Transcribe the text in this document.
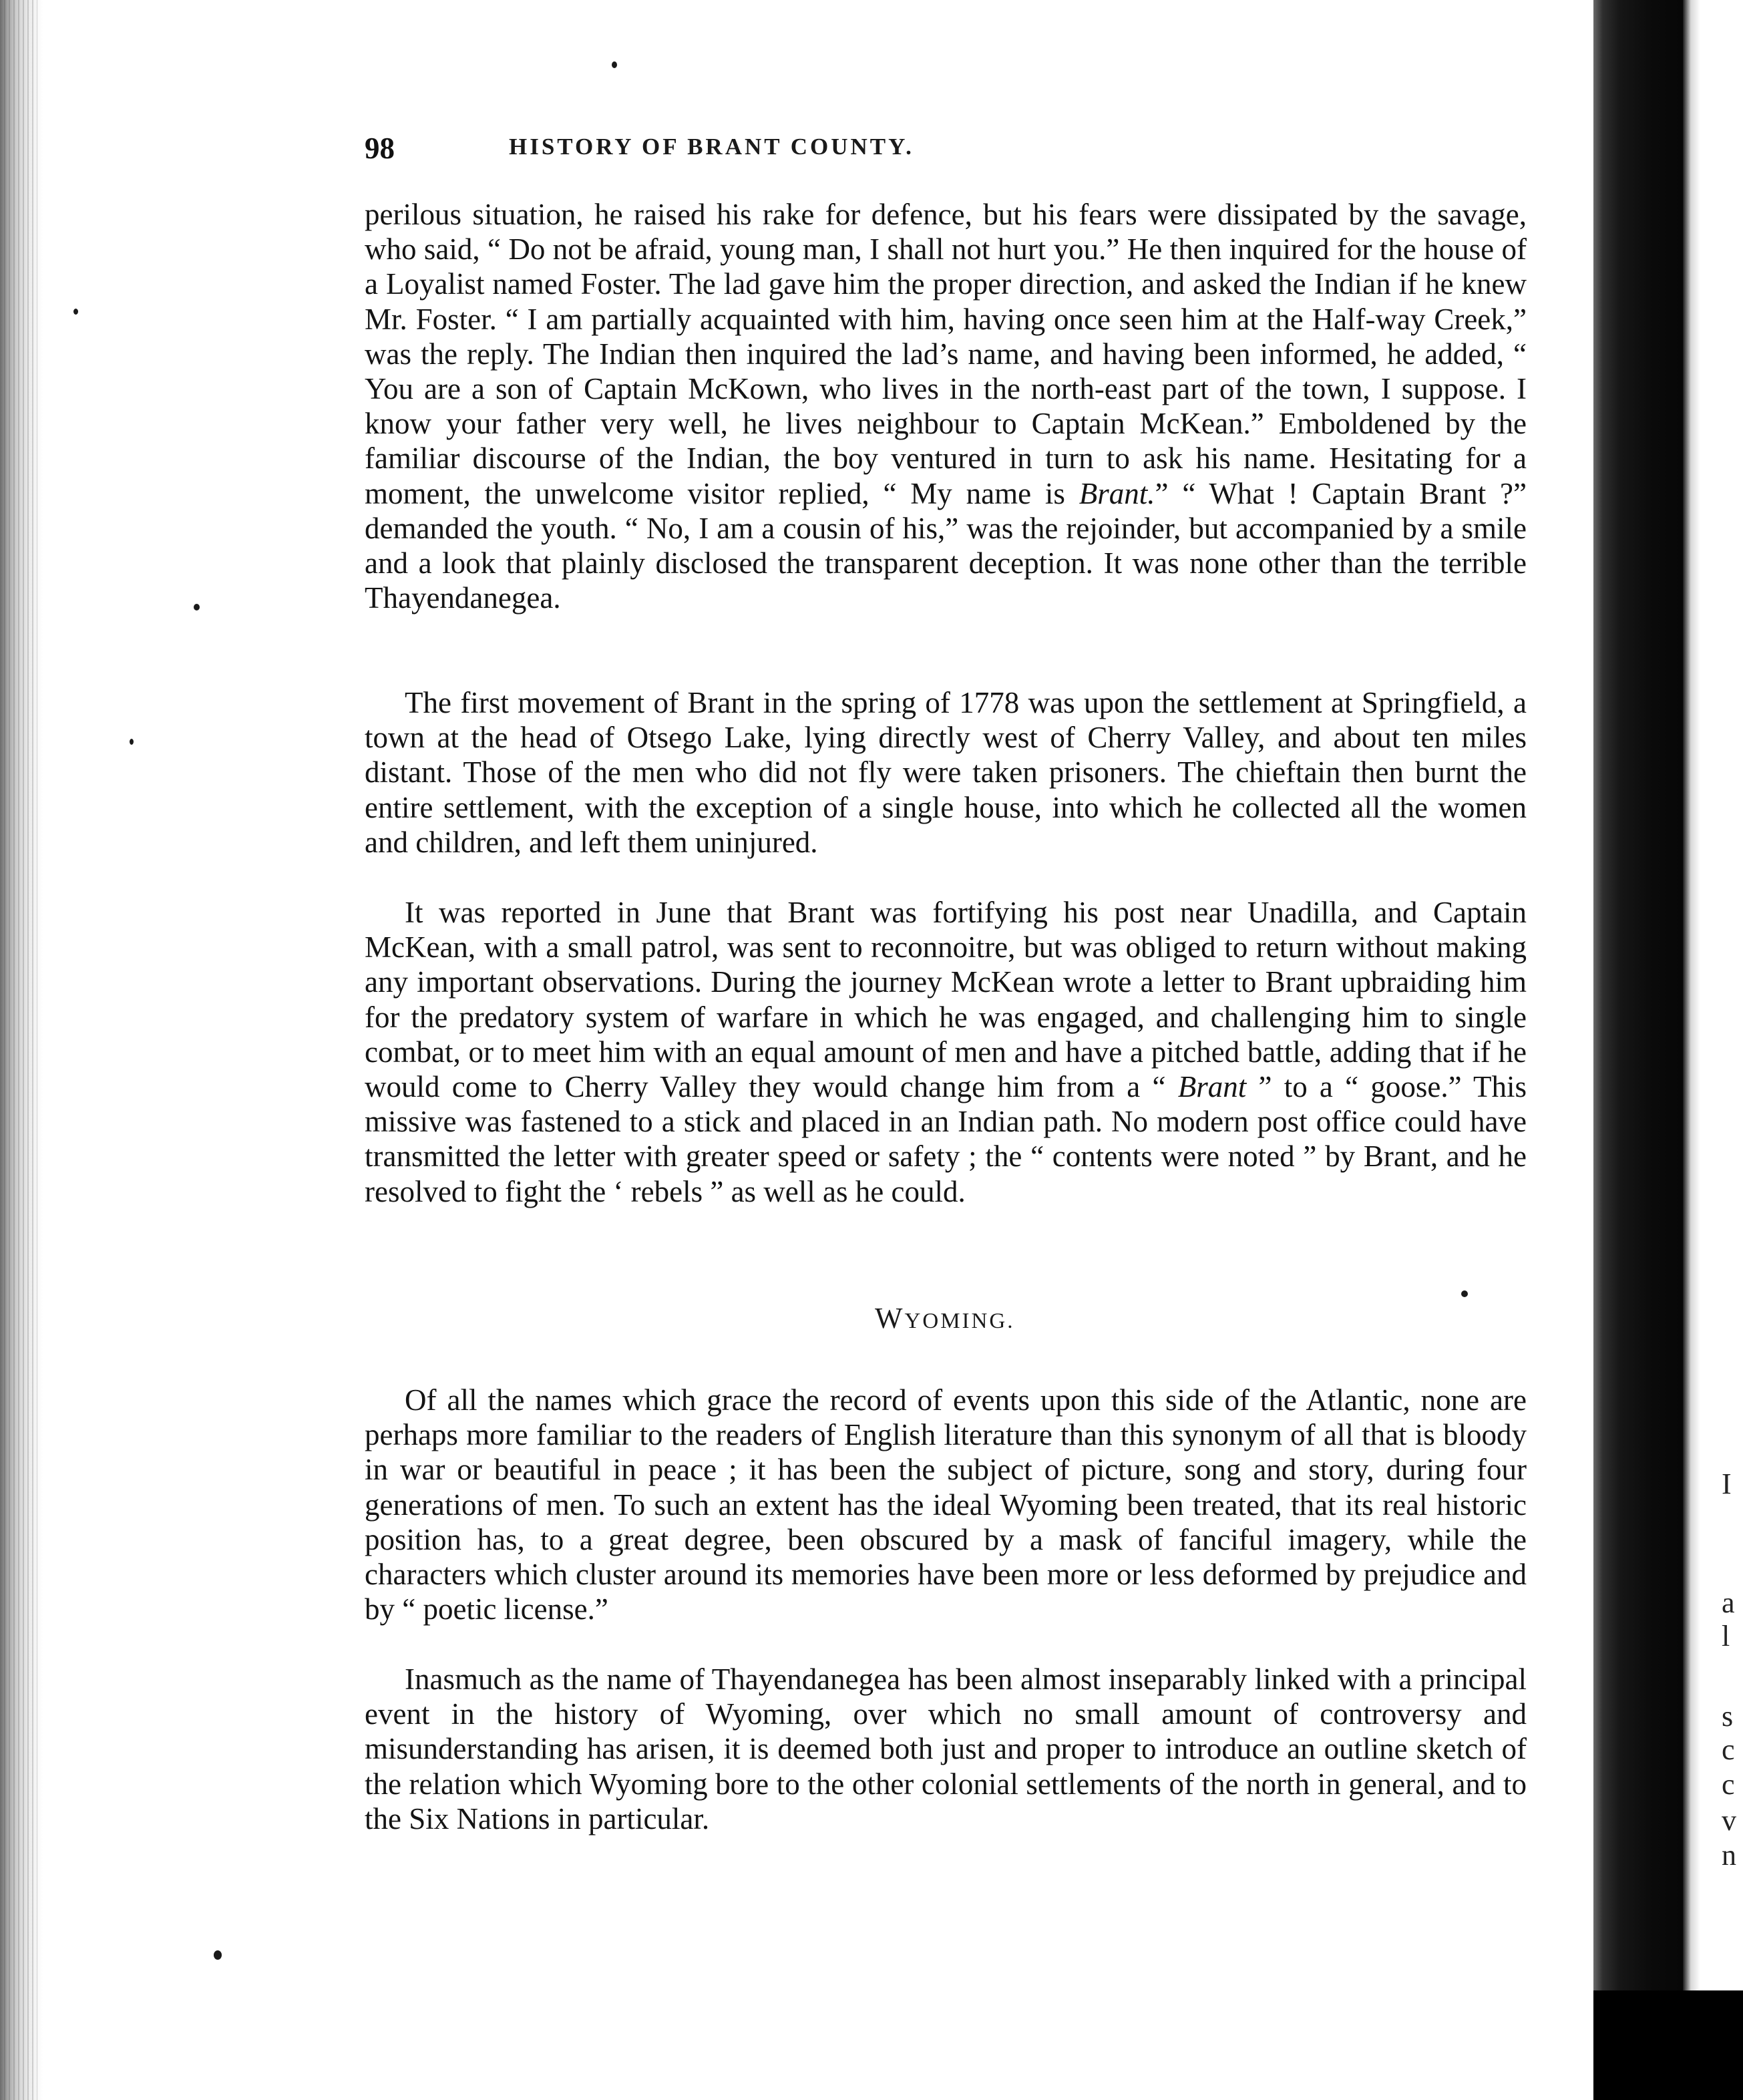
I
a
l
s
c
c
v
n
98	HISTORY OF BRANT COUNTY.

perilous situation, he raised his rake for defence, but his fears were dissipated by the savage, who said, “ Do not be afraid, young man, I shall not hurt you.” He then inquired for the house of a Loyalist named Foster. The lad gave him the proper direction, and asked the Indian if he knew Mr. Foster. “ I am partially acquainted with him, having once seen him at the Half-way Creek,” was the reply. The Indian then inquired the lad’s name, and having been informed, he added, “ You are a son of Captain McKown, who lives in the north-east part of the town, I suppose. I know your father very well, he lives neighbour to Captain McKean.” Emboldened by the familiar discourse of the Indian, the boy ventured in turn to ask his name. Hesitating for a moment, the unwelcome visitor replied, “ My name is Brant.” “ What ! Captain Brant ?” demanded the youth. “ No, I am a cousin of his,” was the rejoinder, but accompanied by a smile and a look that plainly disclosed the transparent deception. It was none other than the terrible Thayendanegea.

The first movement of Brant in the spring of 1778 was upon the settlement at Springfield, a town at the head of Otsego Lake, lying directly west of Cherry Valley, and about ten miles distant. Those of the men who did not fly were taken prisoners. The chieftain then burnt the entire settlement, with the exception of a single house, into which he collected all the women and children, and left them uninjured.

It was reported in June that Brant was fortifying his post near Unadilla, and Captain McKean, with a small patrol, was sent to reconnoitre, but was obliged to return without making any important observations. During the journey McKean wrote a letter to Brant upbraiding him for the predatory system of warfare in which he was engaged, and challenging him to single combat, or to meet him with an equal amount of men and have a pitched battle, adding that if he would come to Cherry Valley they would change him from a “ Brant ” to a “ goose.” This missive was fastened to a stick and placed in an Indian path. No modern post office could have transmitted the letter with greater speed or safety ; the “ contents were noted ” by Brant, and he resolved to fight the ‘ rebels ” as well as he could.

WYOMING.

Of all the names which grace the record of events upon this side of the Atlantic, none are perhaps more familiar to the readers of English literature than this synonym of all that is bloody in war or beautiful in peace ; it has been the subject of picture, song and story, during four generations of men. To such an extent has the ideal Wyoming been treated, that its real historic position has, to a great degree, been obscured by a mask of fanciful imagery, while the characters which cluster around its memories have been more or less deformed by prejudice and by “ poetic license.”

Inasmuch as the name of Thayendanegea has been almost inseparably linked with a principal event in the history of Wyoming, over which no small amount of controversy and misunderstanding has arisen, it is deemed both just and proper to introduce an outline sketch of the relation which Wyoming bore to the other colonial settlements of the north in general, and to the Six Nations in particular.
